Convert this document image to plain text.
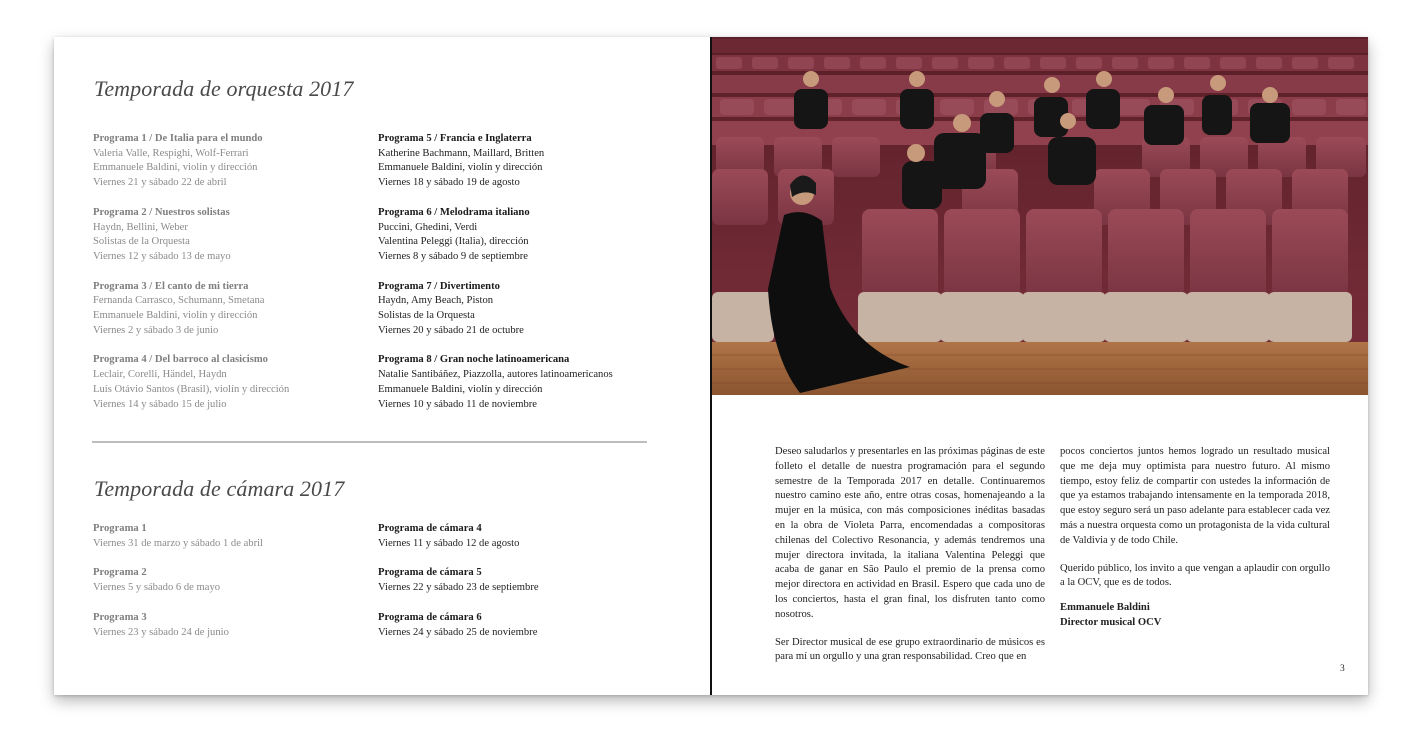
Temporada de orquesta 2017
Programa 1 / De Italia para el mundo
Valeria Valle, Respighi, Wolf-Ferrari
Emmanuele Baldini, violín y dirección
Viernes 21 y sábado 22 de abril
Programa 2 / Nuestros solistas
Haydn, Bellini, Weber
Solistas de la Orquesta
Viernes 12 y sábado 13 de mayo
Programa 3 / El canto de mi tierra
Fernanda Carrasco, Schumann, Smetana
Emmanuele Baldini, violín y dirección
Viernes 2 y sábado 3 de junio
Programa 4 / Del barroco al clasicismo
Leclair, Corelli, Händel, Haydn
Luís Otávio Santos (Brasil), violín y dirección
Viernes 14 y sábado 15 de julio
Programa 5 / Francia e Inglaterra
Katherine Bachmann, Maillard, Britten
Emmanuele Baldini, violín y dirección
Viernes 18 y sábado 19 de agosto
Programa 6 / Melodrama italiano
Puccini, Ghedini, Verdi
Valentina Peleggi (Italia), dirección
Viernes 8 y sábado 9 de septiembre
Programa 7 / Divertimento
Haydn, Amy Beach, Piston
Solistas de la Orquesta
Viernes 20 y sábado 21 de octubre
Programa 8 / Gran noche latinoamericana
Natalie Santibáñez, Piazzolla, autores latinoamericanos
Emmanuele Baldini, violín y dirección
Viernes 10 y sábado 11 de noviembre
Temporada de cámara 2017
Programa 1
Viernes 31 de marzo y sábado 1 de abril
Programa 2
Viernes 5 y sábado 6 de mayo
Programa 3
Viernes 23 y sábado 24 de junio
Programa de cámara 4
Viernes 11 y sábado 12 de agosto
Programa de cámara 5
Viernes 22 y sábado 23 de septiembre
Programa de cámara 6
Viernes 24 y sábado 25 de noviembre

Deseo saludarlos y presentarles en las próximas páginas de este folleto el detalle de nuestra programación para el segundo semestre de la Temporada 2017 en detalle. Continuaremos nuestro camino este año, entre otras cosas, homenajeando a la mujer en la música, con más composiciones inéditas basadas en la obra de Violeta Parra, encomendadas a compositoras chilenas del Colectivo Resonancia, y además tendremos una mujer directora invitada, la italiana Valentina Peleggi que acaba de ganar en São Paulo el premio de la prensa como mejor directora en actividad en Brasil. Espero que cada uno de los conciertos, hasta el gran final, los disfruten tanto como nosotros.

Ser Director musical de ese grupo extraordinario de músicos es para mí un orgullo y una gran responsabilidad. Creo que en

pocos conciertos juntos hemos logrado un resultado musical que me deja muy optimista para nuestro futuro. Al mismo tiempo, estoy feliz de compartir con ustedes la información de que ya estamos trabajando intensamente en la temporada 2018, que estoy seguro será un paso adelante para establecer cada vez más a nuestra orquesta como un protagonista de la vida cultural de Valdivia y de todo Chile.

Querido público, los invito a que vengan a aplaudir con orgullo a la OCV, que es de todos.

Emmanuele Baldini
Director musical OCV

3
